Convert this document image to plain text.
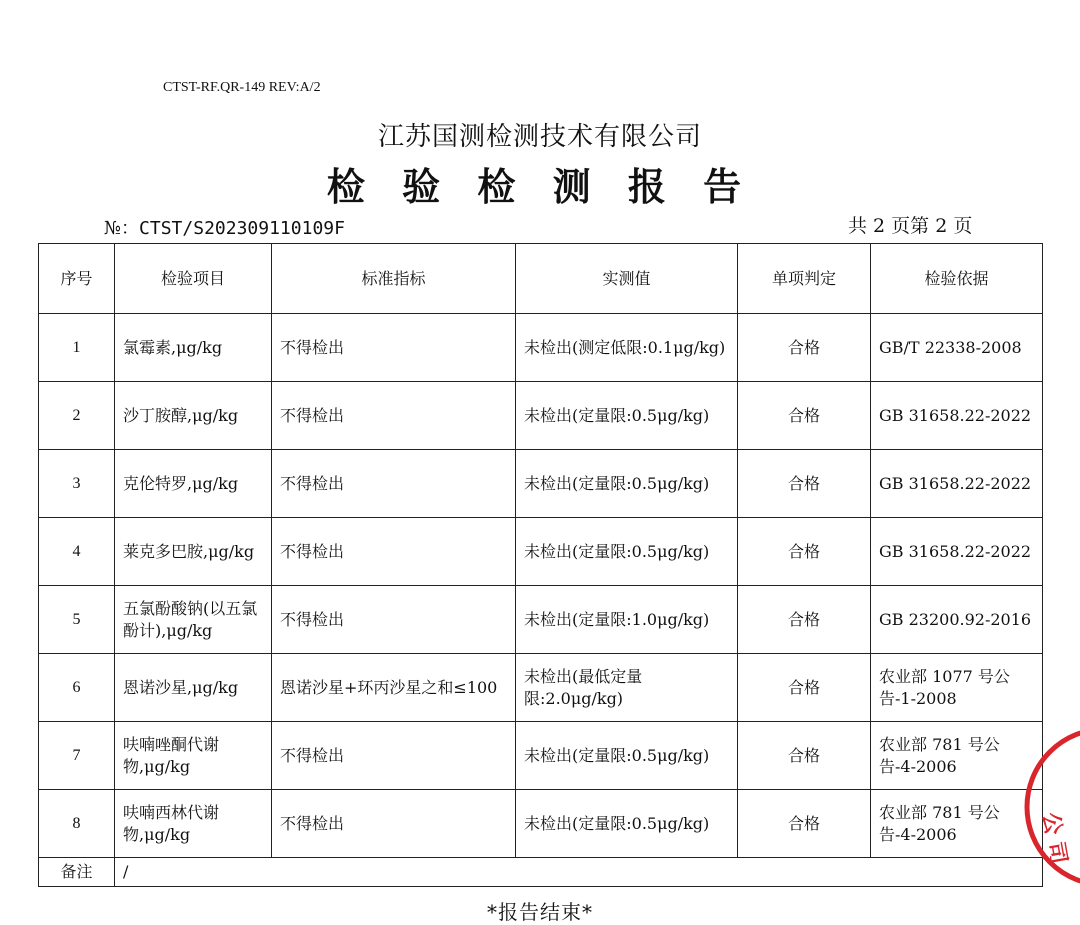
CTST-RF.QR-149 REV:A/2
江苏国测检测技术有限公司
检 验 检 测 报 告
№：CTST/S202309110109F	共 2 页第 2 页
序号	检验项目	标准指标	实测值	单项判定	检验依据
1	氯霉素,μg/kg	不得检出	未检出(测定低限:0.1μg/kg)	合格	GB/T 22338-2008
2	沙丁胺醇,μg/kg	不得检出	未检出(定量限:0.5μg/kg)	合格	GB 31658.22-2022
3	克伦特罗,μg/kg	不得检出	未检出(定量限:0.5μg/kg)	合格	GB 31658.22-2022
4	莱克多巴胺,μg/kg	不得检出	未检出(定量限:0.5μg/kg)	合格	GB 31658.22-2022
5	五氯酚酸钠(以五氯酚计),μg/kg	不得检出	未检出(定量限:1.0μg/kg)	合格	GB 23200.92-2016
6	恩诺沙星,μg/kg	恩诺沙星+环丙沙星之和≤100	未检出(最低定量限:2.0μg/kg)	合格	农业部 1077 号公告-1-2008
7	呋喃唑酮代谢物,μg/kg	不得检出	未检出(定量限:0.5μg/kg)	合格	农业部 781 号公告-4-2006
8	呋喃西林代谢物,μg/kg	不得检出	未检出(定量限:0.5μg/kg)	合格	农业部 781 号公告-4-2006
备注	/				
*报告结束*
公 司
